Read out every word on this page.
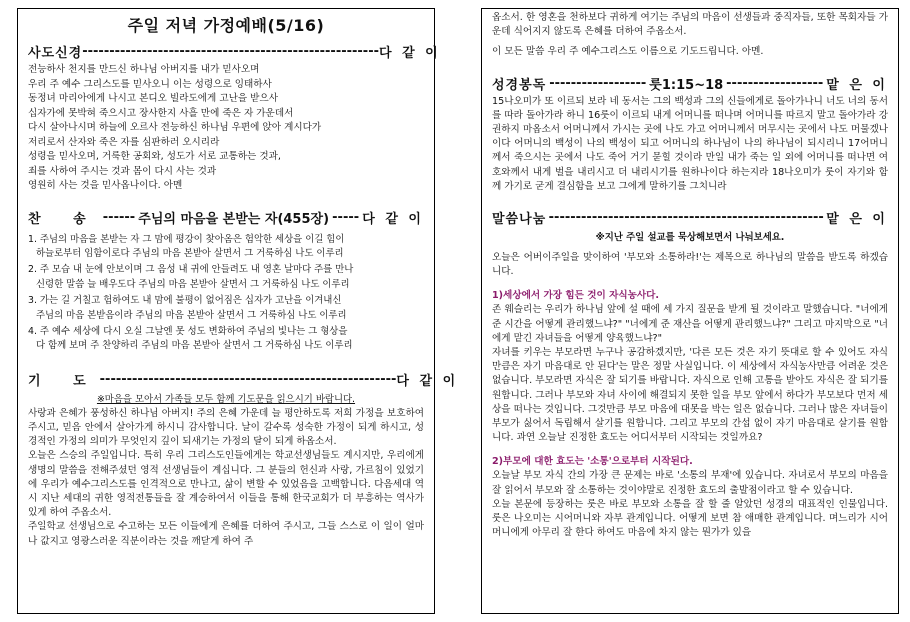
주일 저녁 가정예배(5/16)
사도신경 ------------------------------------------------------- 다 같 이
전능하사 천지를 만드신 하나님 아버지를 내가 믿사오며
우리 주 예수 그리스도를 믿사오니 이는 성령으로 잉태하사
동정녀 마리아에게 나시고 본디오 빌라도에게 고난을 받으사
십자가에 못박혀 죽으시고 장사한지 사흘 만에 죽은 자 가운데서
다시 살아나시며 하늘에 오르사 전능하신 하나님 우편에 앉아 계시다가
저리로서 산자와 죽은 자를 심판하러 오시리라
성령을 믿사오며, 거룩한 공회와, 성도가 서로 교통하는 것과,
죄를 사하여 주시는 것과 몸이 다시 사는 것과
영원히 사는 것을 믿사옵나이다. 아멘
찬 송 ------ 주님의 마음을 본받는 자(455장) ----- 다 같 이
1. 주님의 마음을 본받는 자 그 맘에 평강이 찾아옴은 험악한 세상을 이길 힘이
하늘로부터 임함이로다 주님의 마음 본받아 살면서 그 거룩하심 나도 이루리
2. 주 모습 내 눈에 안보이며 그 음성 내 귀에 안들려도 내 영혼 날마다 주를 만나
신령한 말씀 늘 배우도다 주님의 마음 본받아 살면서 그 거룩하심 나도 이루리
3. 가는 길 거칠고 험하여도 내 맘에 불평이 없어짐은 십자가 고난을 이겨내신
주님의 마음 본받음이라 주님의 마음 본받아 살면서 그 거룩하심 나도 이루리
4. 주 예수 세상에 다시 오실 그날엔 못 성도 변화하여 주님의 빛나는 그 형상을
다 함께 보며 주 찬양하리 주님의 마음 본받아 살면서 그 거룩하심 나도 이루리
기 도 ------------------------------------------------------- 다 같 이
※마음을 모아서 가족들 모두 함께 기도문을 읽으시기 바랍니다.

사랑과 은혜가 풍성하신 하나님 아버지! 주의 은혜 가운데 늘 평안하도록 저희 가정을 보호하여 주시고, 믿음 안에서 살아가게 하시니 감사합니다. 날이 갈수록 성숙한 가정이 되게 하시고, 성경적인 가정의 의미가 무엇인지 깊이 되새기는 가정의 달이 되게 하옵소서.

오늘은 스승의 주일입니다. 특히 우리 그리스도인들에게는 학교선생님들도 계시지만, 우리에게 생명의 말씀을 전해주셨던 영적 선생님들이 계십니다. 그 분들의 헌신과 사랑, 가르침이 있었기에 우리가 예수그리스도를 인격적으로 만나고, 삶이 변할 수 있었음을 고백합니다. 다음세대 역시 지난 세대의 귀한 영적전통들을 잘 계승하여서 이들을 통해 한국교회가 더 부흥하는 역사가 있게 하여 주옵소서.

주일학교 선생님으로 수고하는 모든 이들에게 은혜를 더하여 주시고, 그들 스스로 이 일이 얼마나 값지고 영광스러운 직분이라는 것을 깨닫게 하여 주

옵소서. 한 영혼을 천하보다 귀하게 여기는 주님의 마음이 선생들과 중직자들, 또한 목회자들 가운데 식어지지 않도록 은혜를 더하여 주옵소서.

이 모든 말씀 우리 주 예수그리스도 이름으로 기도드립니다. 아멘.

성경봉독 ------------------ 룻1:15~18 ------------------ 맡 은 이
15나오미가 또 이르되 보라 네 동서는 그의 백성과 그의 신들에게로 돌아가나니 너도 너의 동서를 따라 돌아가라 하니 16룻이 이르되 내게 어머니를 떠나며 어머니를 따르지 말고 돌아가라 강권하지 마옵소서 어머니께서 가시는 곳에 나도 가고 어머니께서 머무시는 곳에서 나도 머물겠나이다 어머니의 백성이 나의 백성이 되고 어머니의 하나님이 나의 하나님이 되시리니 17어머니께서 죽으시는 곳에서 나도 죽어 거기 묻힐 것이라 만일 내가 죽는 일 외에 어머니를 떠나면 여호와께서 내게 벌을 내리시고 더 내리시기를 원하나이다 하는지라 18나오미가 룻이 자기와 함께 가기로 굳게 결심함을 보고 그에게 말하기를 그치니라
말씀나눔 --------------------------------------------------- 맡 은 이
※지난 주일 설교를 묵상해보면서 나눠보세요.
오늘은 어버이주일을 맞이하여 '부모와 소통하라!'는 제목으로 하나님의 말씀을 받도록 하겠습니다.
1)세상에서 가장 힘든 것이 자식농사다.

존 웨슬리는 우리가 하나님 앞에 설 때에 세 가지 질문을 받게 될 것이라고 말했습니다. "너에게 준 시간을 어떻게 관리했느냐?" "너에게 준 재산을 어떻게 관리했느냐?" 그리고 마지막으로 "너에게 맡긴 자녀들을 어떻게 양육했느냐?"

자녀를 키우는 부모라면 누구나 공감하겠지만, '다른 모든 것은 자기 뜻대로 할 수 있어도 자식만큼은 자기 마음대로 안 된다'는 말은 정말 사실입니다. 이 세상에서 자식농사만큼 어려운 것은 없습니다. 부모라면 자식은 잘 되기를 바랍니다. 자식으로 인해 고통을 받아도 자식은 잘 되기를 원합니다. 그러나 부모와 자녀 사이에 해결되지 못한 일을 부모 앞에서 하다가 부모보다 먼저 세상을 떠나는 것입니다. 그것만큼 부모 마음에 대못을 박는 일은 없습니다. 그러나 많은 자녀들이 부모가 싫어서 독립해서 살기를 원합니다. 그리고 부모의 간섭 없이 자기 마음대로 살기를 원합니다. 과연 오늘날 진정한 효도는 어디서부터 시작되는 것일까요?

2)부모에 대한 효도는 '소통'으로부터 시작된다.

오늘날 부모 자식 간의 가장 큰 문제는 바로 '소통의 부재'에 있습니다. 자녀로서 부모의 마음을 잘 읽어서 부모와 잘 소통하는 것이야말로 진정한 효도의 출발점이라고 할 수 있습니다.

오늘 본문에 등장하는 룻은 바로 부모와 소통을 잘 할 줄 알았던 성경의 대표적인 인물입니다. 룻은 나오미는 시어머니와 자부 관계입니다. 어떻게 보면 참 애매한 관계입니다. 며느리가 시어머니에게 아무리 잘 한다 하여도 마음에 차지 않는 뭔가가 있을
